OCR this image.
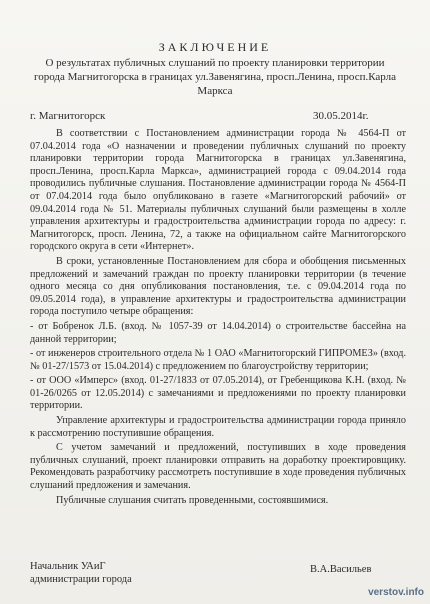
ЗАКЛЮЧЕНИЕ
О результатах публичных слушаний по проекту планировки территории города Магнитогорска в границах ул.Завенягина, просп.Ленина, просп.Карла Маркса
г. Магнитогорск	30.05.2014г.

В соответствии с Постановлением администрации города № 4564-П от 07.04.2014 года «О назначении и проведении публичных слушаний по проекту планировки территории города Магнитогорска в границах ул.Завенягина, просп.Ленина, просп.Карла Маркса», администрацией города с 09.04.2014 года проводились публичные слушания. Постановление администрации города № 4564-П от 07.04.2014 года было опубликовано в газете «Магнитогорский рабочий» от 09.04.2014 года № 51. Материалы публичных слушаний были размещены в холле управления архитектуры и градостроительства администрации города по адресу: г. Магнитогорск, просп. Ленина, 72, а также на официальном сайте Магнитогорского городского округа в сети «Интернет».

В сроки, установленные Постановлением для сбора и обобщения письменных предложений и замечаний граждан по проекту планировки территории (в течение одного месяца со дня опубликования постановления, т.е. с 09.04.2014 года по 09.05.2014 года), в управление архитектуры и градостроительства администрации города поступило четыре обращения:

- от Бобренок Л.Б. (вход. № 1057-39 от 14.04.2014) о строительстве бассейна на данной территории;

- от инженеров строительного отдела № 1 ОАО «Магнитогорский ГИПРОМЕЗ» (вход. № 01-27/1573 от 15.04.2014) с предложением по благоустройству территории;

- от ООО «Имперс» (вход. 01-27/1833 от 07.05.2014), от Гребенщикова К.Н. (вход. № 01-26/0265 от 12.05.2014) с замечаниями и предложениями по проекту планировки территории.

Управление архитектуры и градостроительства администрации города приняло к рассмотрению поступившие обращения.

С учетом замечаний и предложений, поступивших в ходе проведения публичных слушаний, проект планировки отправить на доработку проектировщику. Рекомендовать разработчику рассмотреть поступившие в ходе проведения публичных слушаний предложения и замечания.

Публичные слушания считать проведенными, состоявшимися.

Начальник УАиГ
администрации города
В.А.Васильев
verstov.info
